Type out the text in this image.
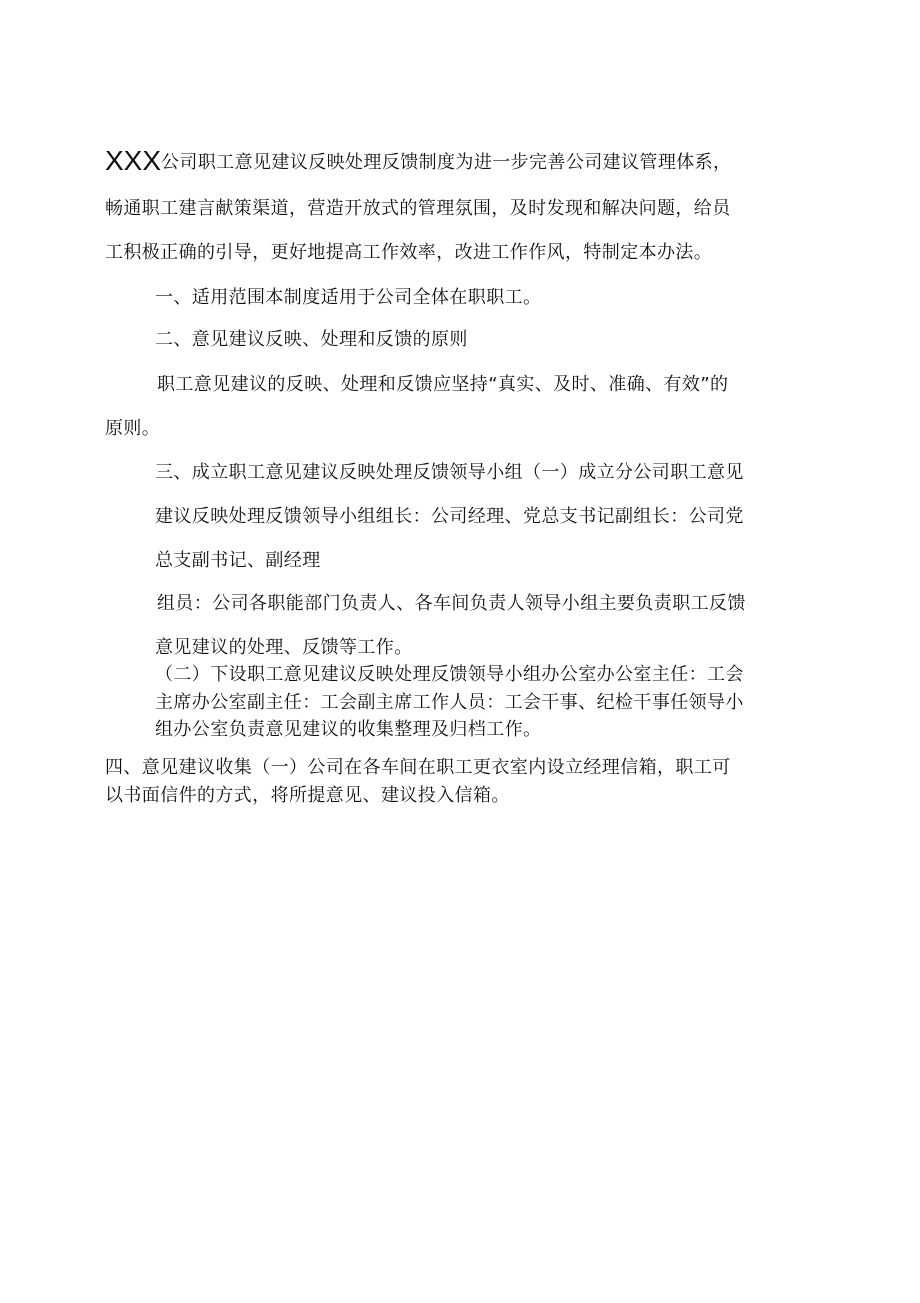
XXX公司职工意见建议反映处理反馈制度为进一步完善公司建议管理体系，
畅通职工建言献策渠道，营造开放式的管理氛围，及时发现和解决问题，给员
工积极正确的引导，更好地提高工作效率，改进工作作风，特制定本办法。
一、适用范围本制度适用于公司全体在职职工。
二、意见建议反映、处理和反馈的原则
职工意见建议的反映、处理和反馈应坚持“真实、及时、准确、有效”的
原则。
三、成立职工意见建议反映处理反馈领导小组（一）成立分公司职工意见
建议反映处理反馈领导小组组长：公司经理、党总支书记副组长：公司党
总支副书记、副经理
组员：公司各职能部门负责人、各车间负责人领导小组主要负责职工反馈
意见建议的处理、反馈等工作。
（二）下设职工意见建议反映处理反馈领导小组办公室办公室主任：工会
主席办公室副主任：工会副主席工作人员：工会干事、纪检干事任领导小
组办公室负责意见建议的收集整理及归档工作。
四、意见建议收集（一）公司在各车间在职工更衣室内设立经理信箱，职工可
以书面信件的方式，将所提意见、建议投入信箱。
